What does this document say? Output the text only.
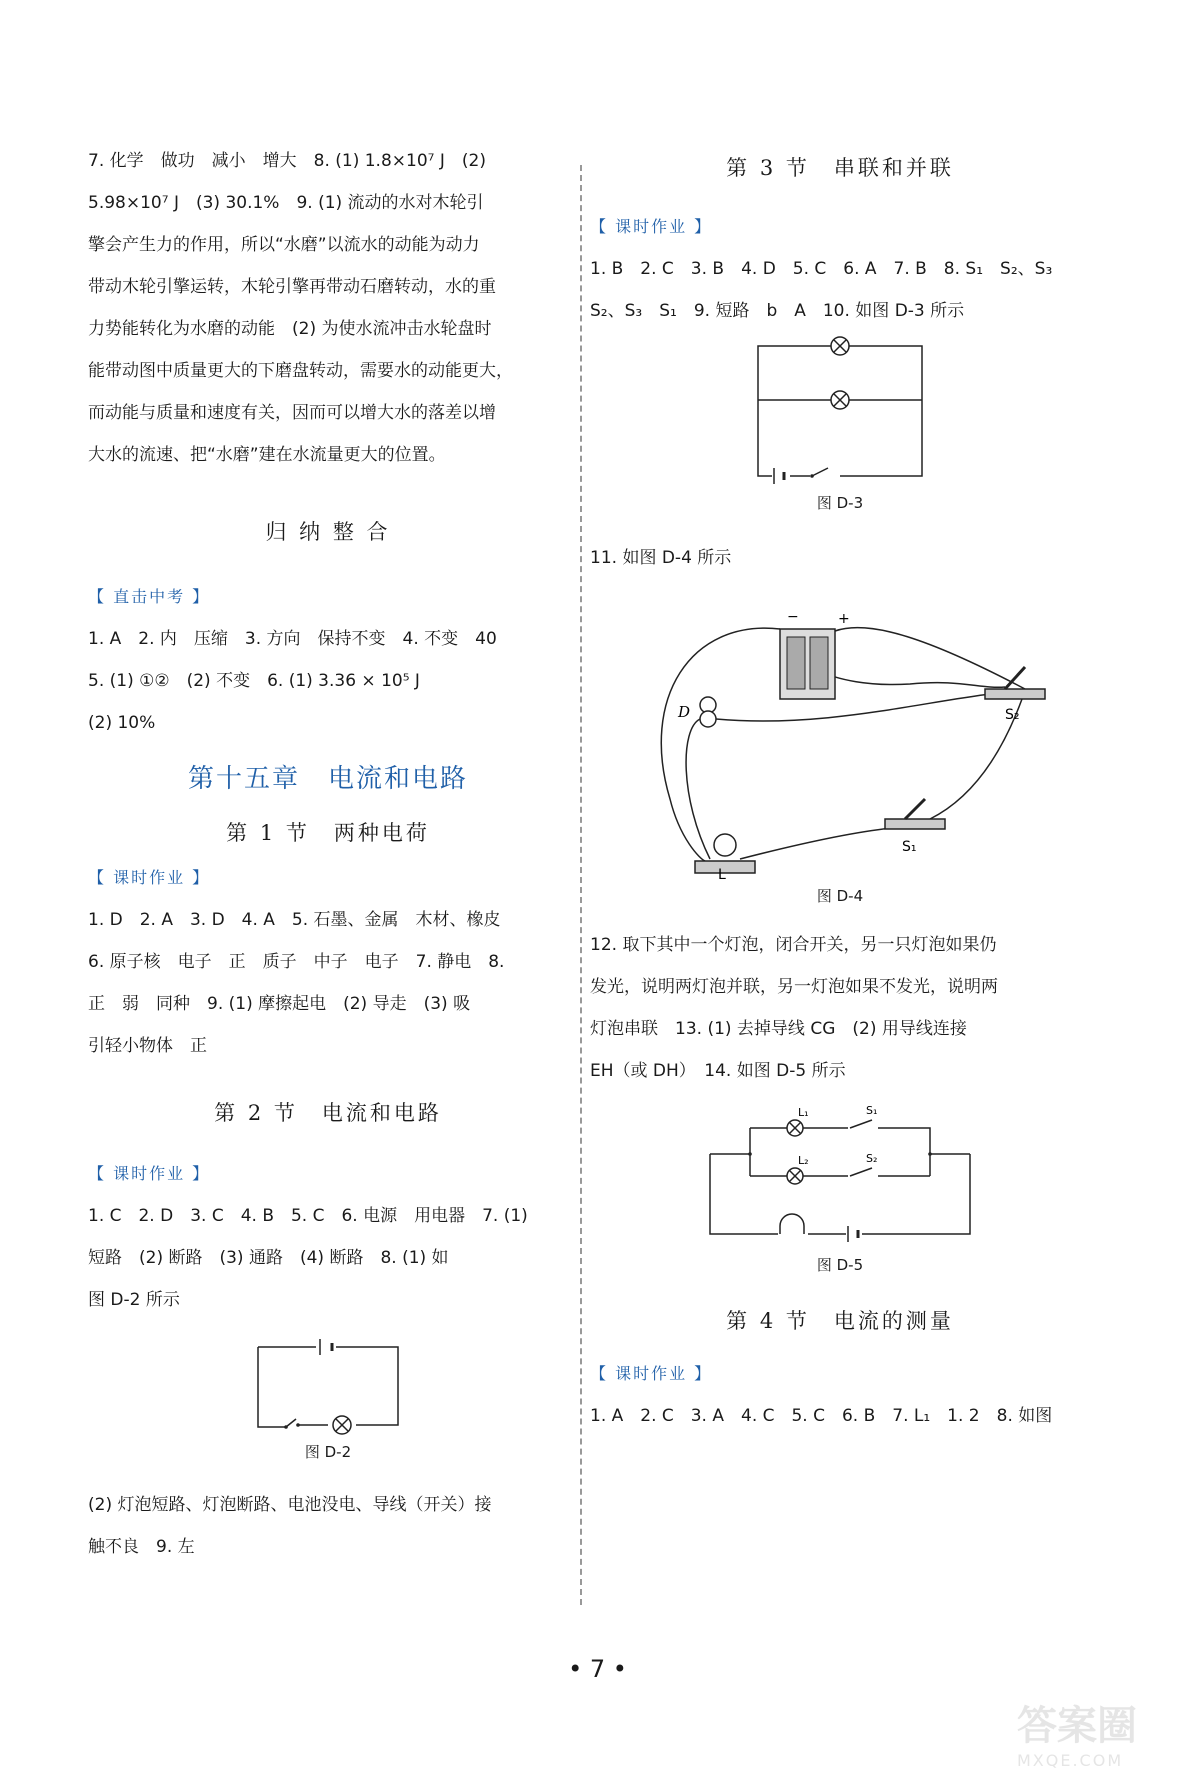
7. 化学　做功　减小　增大　8. (1) 1.8×10⁷ J　(2)

5.98×10⁷ J　(3) 30.1%　9. (1) 流动的水对木轮引

擎会产生力的作用，所以“水磨”以流水的动能为动力

带动木轮引擎运转，木轮引擎再带动石磨转动，水的重

力势能转化为水磨的动能　(2) 为使水流冲击水轮盘时

能带动图中质量更大的下磨盘转动，需要水的动能更大，

而动能与质量和速度有关，因而可以增大水的落差以增

大水的流速、把“水磨”建在水流量更大的位置。

归 纳 整 合

【 直击中考 】

1. A　2. 内　压缩　3. 方向　保持不变　4. 不变　40

5. (1) ①②　(2) 不变　6. (1) 3.36 × 10⁵ J

(2) 10%

第十五章　电流和电路

第 1 节　两种电荷

【 课时作业 】

1. D　2. A　3. D　4. A　5. 石墨、金属　木材、橡皮

6. 原子核　电子　正　质子　中子　电子　7. 静电　8.

正　弱　同种　9. (1) 摩擦起电　(2) 导走　(3) 吸

引轻小物体　正

第 2 节　电流和电路

【 课时作业 】

1. C　2. D　3. C　4. B　5. C　6. 电源　用电器　7. (1)

短路　(2) 断路　(3) 通路　(4) 断路　8. (1) 如

图 D-2 所示

图 D-2

(2) 灯泡短路、灯泡断路、电池没电、导线（开关）接

触不良　9. 左

第 3 节　串联和并联

【 课时作业 】

1. B　2. C　3. B　4. D　5. C　6. A　7. B　8. S₁　S₂、S₃

S₂、S₃　S₁　9. 短路　b　A　10. 如图 D-3 所示

图 D-3

11. 如图 D-4 所示

−	+
D	S₂
S₁
L

图 D-4

12. 取下其中一个灯泡，闭合开关，另一只灯泡如果仍

发光，说明两灯泡并联，另一灯泡如果不发光，说明两

灯泡串联　13. (1) 去掉导线 CG　(2) 用导线连接

EH（或 DH）　14. 如图 D-5 所示

L₁	S₁
L₂	S₂

图 D-5

第 4 节　电流的测量

【 课时作业 】

1. A　2. C　3. A　4. C　5. C　6. B　7. L₁　1. 2　8. 如图

• 7 •
答案圈
MXQE.COM
